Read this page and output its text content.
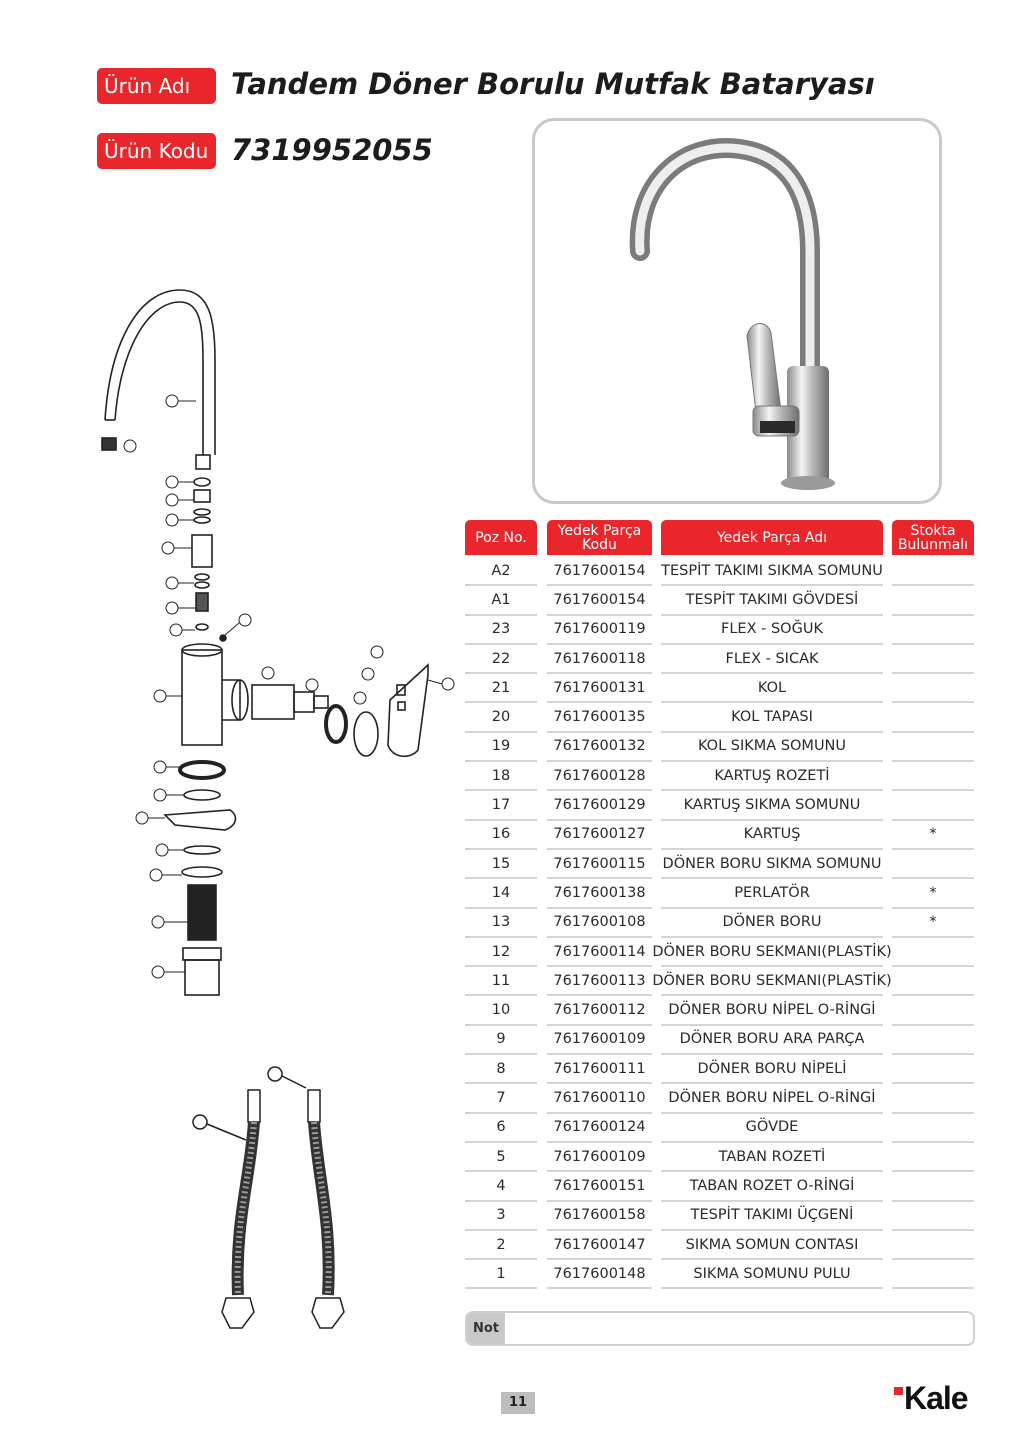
Ürün Adı	Tandem Döner Borulu Mutfak Bataryası
Ürün Kodu 7319952055
Poz No.	Yedek Parça Kodu	Yedek Parça Adı	Stokta Bulunmalı
A2	7617600154	TESPİT TAKIMI SIKMA SOMUNU
A1	7617600154	TESPİT TAKIMI GÖVDESİ
23	7617600119	FLEX - SOĞUK
22	7617600118	FLEX - SICAK
21	7617600131	KOL
20	7617600135	KOL TAPASI
19	7617600132	KOL SIKMA SOMUNU
18	7617600128	KARTUŞ ROZETİ
17	7617600129	KARTUŞ SIKMA SOMUNU
16	7617600127	KARTUŞ	*
15	7617600115	DÖNER BORU SIKMA SOMUNU
14	7617600138	PERLATÖR	*
13	7617600108	DÖNER BORU	*
12	7617600114 DÖNER BORU SEKMANI(PLASTİK)
11	7617600113 DÖNER BORU SEKMANI(PLASTİK)
10	7617600112	DÖNER BORU NİPEL O-RİNGİ
9	7617600109	DÖNER BORU ARA PARÇA
8	7617600111	DÖNER BORU NİPELİ
7	7617600110	DÖNER BORU NİPEL O-RİNGİ
6	7617600124	GÖVDE
5	7617600109	TABAN ROZETİ
4	7617600151	TABAN ROZET O-RİNGİ
3	7617600158	TESPİT TAKIMI ÜÇGENİ
2	7617600147	SIKMA SOMUN CONTASI
1	7617600148	SIKMA SOMUNU PULU
Not
11	Kale
